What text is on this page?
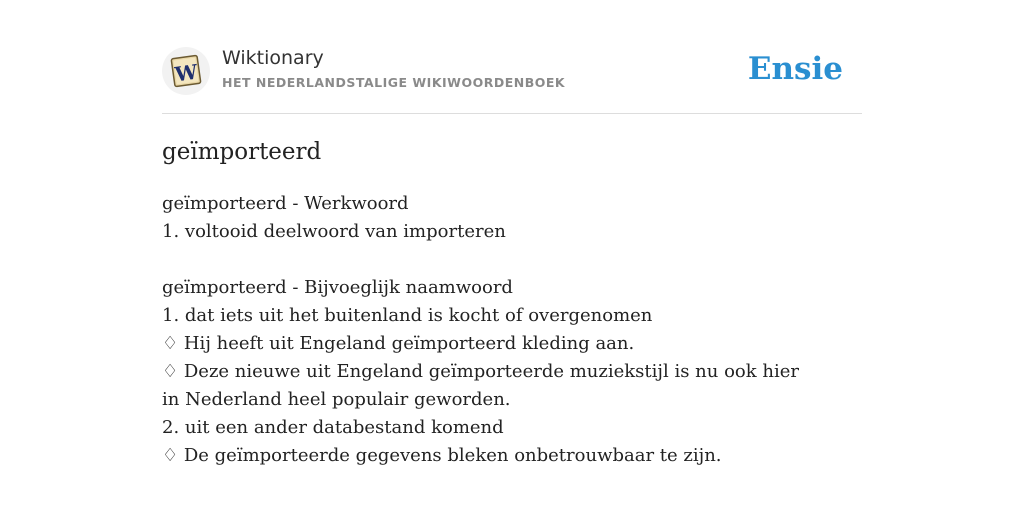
W
Wiktionary
HET NEDERLANDSTALIGE WIKIWOORDENBOEK	Ensie
geïmporteerd
geïmporteerd - Werkwoord
1. voltooid deelwoord van importeren
geïmporteerd - Bijvoeglijk naamwoord
1. dat iets uit het buitenland is kocht of overgenomen
♢ Hij heeft uit Engeland geïmporteerd kleding aan.
♢ Deze nieuwe uit Engeland geïmporteerde muziekstijl is nu ook hier in Nederland heel populair geworden.
2. uit een ander databestand komend
♢ De geïmporteerde gegevens bleken onbetrouwbaar te zijn.
